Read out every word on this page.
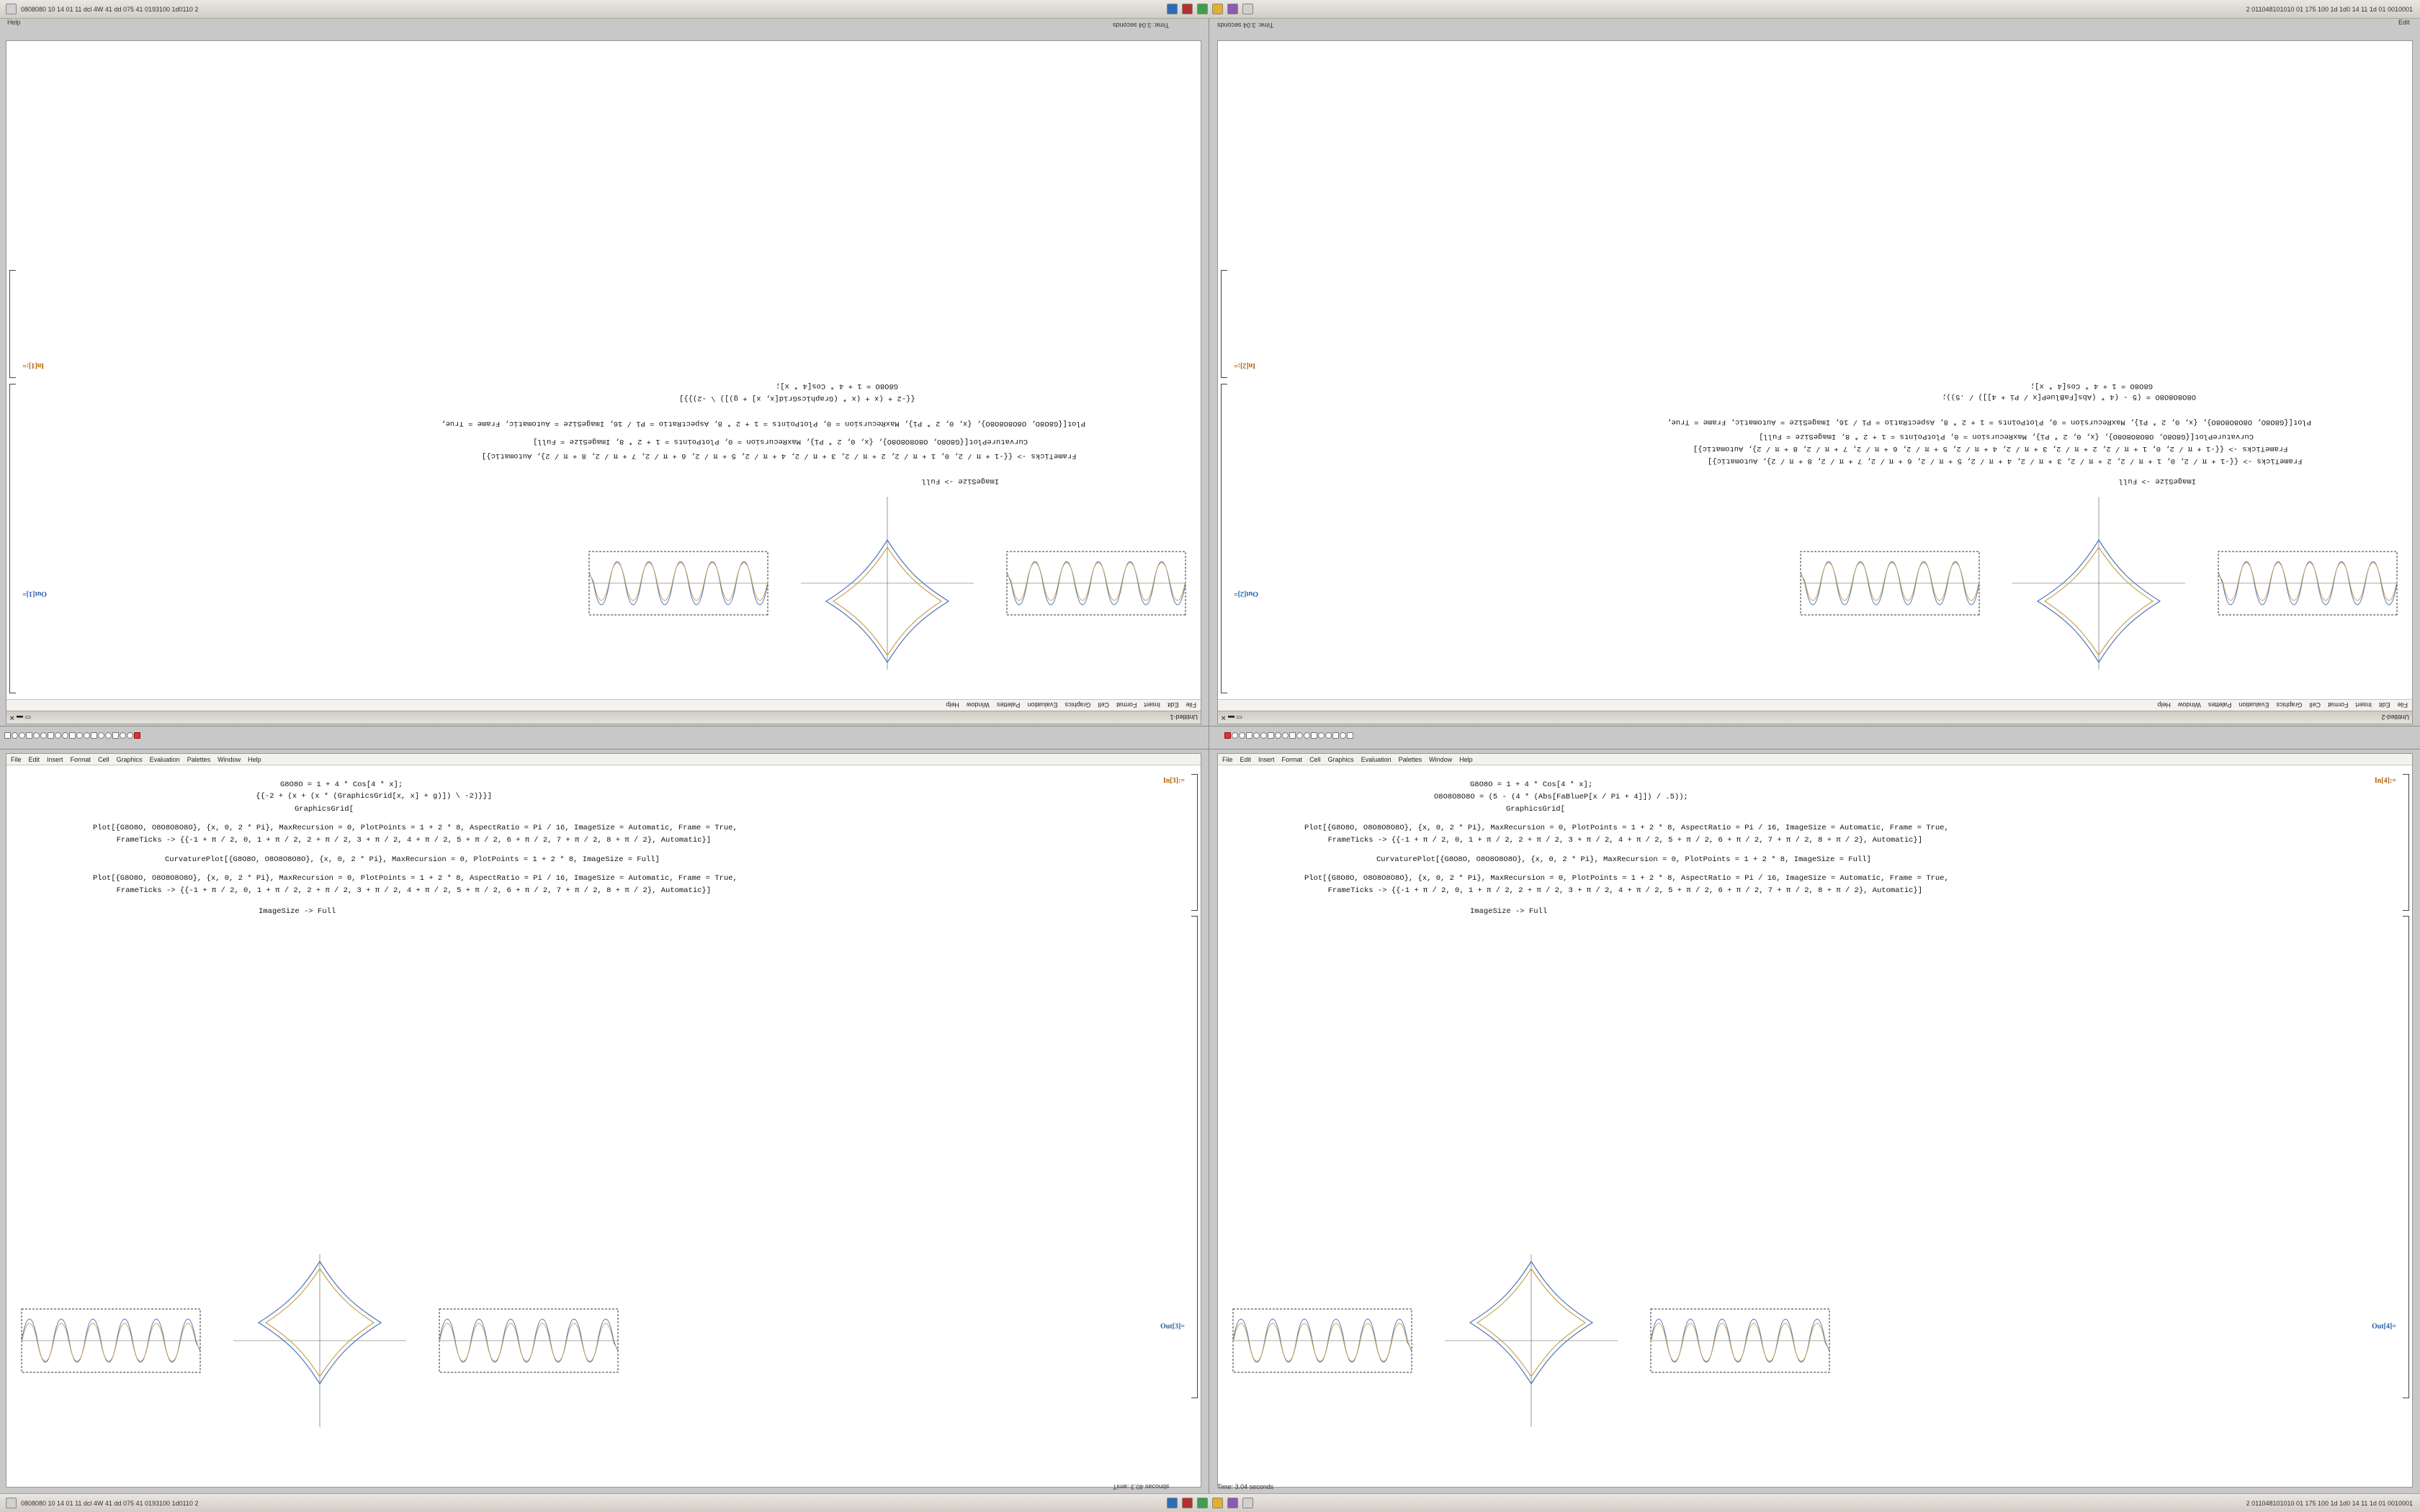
0808080 10 14 01 11 dcl 4W 41 dd 075 41 0193100 1d0110 2	2 011048101010 01 175 100 1d 1d0 14 11 1d 01 0010001
Help	Edit
Time: 3.04 seconds	Time: 3.04 seconds
Untitled-1
▭ ▬ ✕
File
Edit
Insert
Format
Cell
Graphics
Evaluation
Palettes
Window
Help
Out[1]=
In[1]:=
ImageSize -> Full
FrameTicks -> {{-1 + π / 2, 0, 1 + π / 2, 2 + π / 2, 3 + π / 2, 4 + π / 2, 5 + π / 2, 6 + π / 2, 7 + π / 2, 8 + π / 2}, Automatic}]
CurvaturePlot[{G8O8O, O8O8O8O8O}, {x, 0, 2 * Pi}, MaxRecursion = 0, PlotPoints = 1 + 2 * 8, ImageSize = Full]
Plot[{G8O8O, O8O8O8O8O}, {x, 0, 2 * Pi}, MaxRecursion = 0, PlotPoints = 1 + 2 * 8, AspectRatio = Pi / 16, ImageSize = Automatic, Frame = True,
{{-2 + (x + (x * (GraphicsGrid[x, x] + g)]) \ -2)}}]
G8O8O = 1 + 4 * Cos[4 * x];
Untitled-2
▭ ▬ ✕
File
Edit
Insert
Format
Cell
Graphics
Evaluation
Palettes
Window
Help
Out[2]=
In[2]:=
ImageSize -> Full
FrameTicks -> {{-1 + π / 2, 0, 1 + π / 2, 2 + π / 2, 3 + π / 2, 4 + π / 2, 5 + π / 2, 6 + π / 2, 7 + π / 2, 8 + π / 2}, Automatic}]
FrameTicks -> {{-1 + π / 2, 0, 1 + π / 2, 2 + π / 2, 3 + π / 2, 4 + π / 2, 5 + π / 2, 6 + π / 2, 7 + π / 2, 8 + π / 2}, Automatic}]
CurvaturePlot[{G8O8O, O8O8O8O8O}, {x, 0, 2 * Pi}, MaxRecursion = 0, PlotPoints = 1 + 2 * 8, ImageSize = Full]
Plot[{G8O8O, O8O8O8O8O}, {x, 0, 2 * Pi}, MaxRecursion = 0, PlotPoints = 1 + 2 * 8, AspectRatio = Pi / 16, ImageSize = Automatic, Frame = True,
O8O8O8O8O = (5 - (4 * (Abs[FaBlueP[x / Pi + 4]]) / .5));
G8O8O = 1 + 4 * Cos[4 * x];
File Edit Insert Format Cell Graphics Evaluation Palettes Window Help
In[3]:=
Out[3]=
G8O8O = 1 + 4 * Cos[4 * x];
{{-2 + (x + (x * (GraphicsGrid[x, x] + g)]) \ -2)}}]
GraphicsGrid[
Plot[{G8O8O, O8O8O8O8O}, {x, 0, 2 * Pi}, MaxRecursion = 0, PlotPoints = 1 + 2 * 8, AspectRatio = Pi / 16, ImageSize = Automatic, Frame = True,
FrameTicks -> {{-1 + π / 2, 0, 1 + π / 2, 2 + π / 2, 3 + π / 2, 4 + π / 2, 5 + π / 2, 6 + π / 2, 7 + π / 2, 8 + π / 2}, Automatic}]
CurvaturePlot[{G8O8O, O8O8O8O8O}, {x, 0, 2 * Pi}, MaxRecursion = 0, PlotPoints = 1 + 2 * 8, ImageSize = Full]
Plot[{G8O8O, O8O8O8O8O}, {x, 0, 2 * Pi}, MaxRecursion = 0, PlotPoints = 1 + 2 * 8, AspectRatio = Pi / 16, ImageSize = Automatic, Frame = True,
FrameTicks -> {{-1 + π / 2, 0, 1 + π / 2, 2 + π / 2, 3 + π / 2, 4 + π / 2, 5 + π / 2, 6 + π / 2, 7 + π / 2, 8 + π / 2}, Automatic}]
ImageSize -> Full
File Edit Insert Format Cell Graphics Evaluation Palettes Window Help
In[4]:=
Out[4]=
G8O8O = 1 + 4 * Cos[4 * x];
O8O8O8O8O = (5 - (4 * (Abs[FaBlueP[x / Pi + 4]]) / .5));
GraphicsGrid[
Plot[{G8O8O, O8O8O8O8O}, {x, 0, 2 * Pi}, MaxRecursion = 0, PlotPoints = 1 + 2 * 8, AspectRatio = Pi / 16, ImageSize = Automatic, Frame = True,
FrameTicks -> {{-1 + π / 2, 0, 1 + π / 2, 2 + π / 2, 3 + π / 2, 4 + π / 2, 5 + π / 2, 6 + π / 2, 7 + π / 2, 8 + π / 2}, Automatic}]
CurvaturePlot[{G8O8O, O8O8O8O8O}, {x, 0, 2 * Pi}, MaxRecursion = 0, PlotPoints = 1 + 2 * 8, ImageSize = Full]
Plot[{G8O8O, O8O8O8O8O}, {x, 0, 2 * Pi}, MaxRecursion = 0, PlotPoints = 1 + 2 * 8, AspectRatio = Pi / 16, ImageSize = Automatic, Frame = True,
FrameTicks -> {{-1 + π / 2, 0, 1 + π / 2, 2 + π / 2, 3 + π / 2, 4 + π / 2, 5 + π / 2, 6 + π / 2, 7 + π / 2, 8 + π / 2}, Automatic}]
ImageSize -> Full
sbnoɔǝs 40.3 :ǝmiT	Time: 3.04 seconds
0808080 10 14 01 11 dcl 4W 41 dd 075 41 0193100 1d0110 2	2 011048101010 01 175 100 1d 1d0 14 11 1d 01 0010001
